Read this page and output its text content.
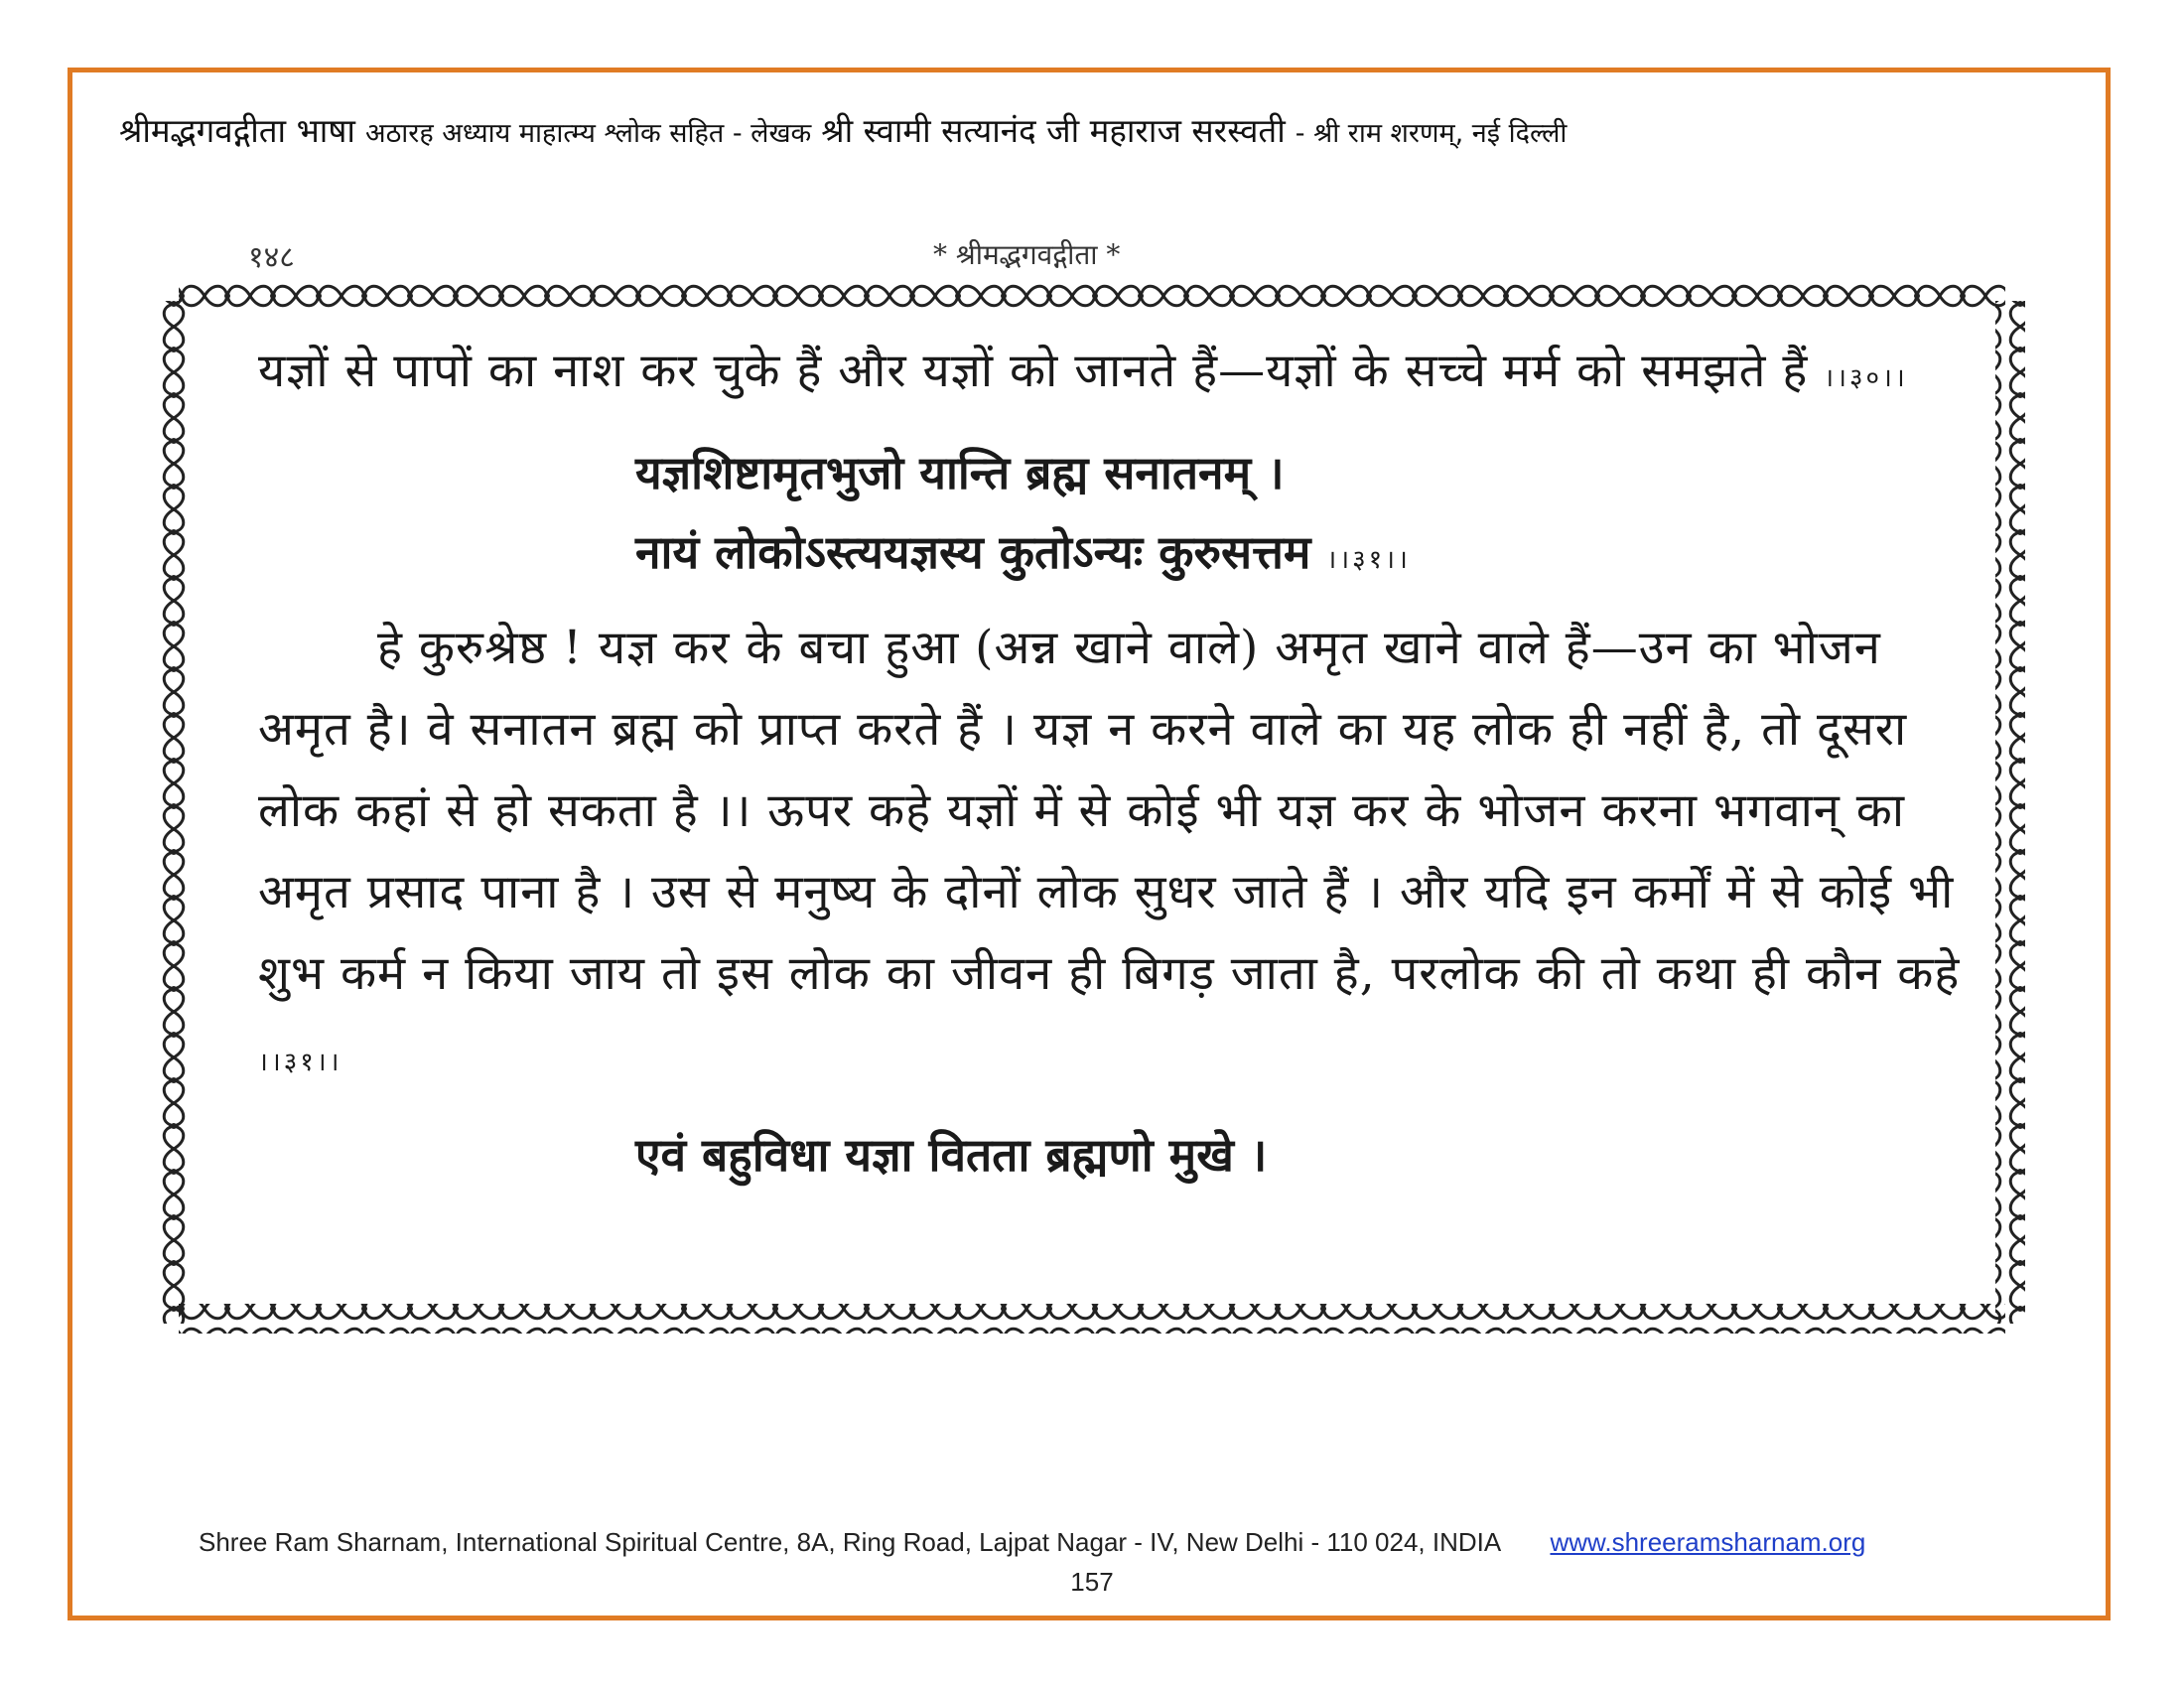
श्रीमद्भगवद्गीता भाषा अठारह अध्याय माहात्म्य श्लोक सहित - लेखक श्री स्वामी सत्यानंद जी महाराज सरस्वती - श्री राम शरणम्, नई दिल्ली
१४८	* श्रीमद्भगवद्गीता *

यज्ञों से पापों का नाश कर चुके हैं और यज्ञों को जानते हैं—यज्ञों के सच्चे मर्म को समझते हैं ।।३०।।

यज्ञशिष्टामृतभुजो यान्ति ब्रह्म सनातनम् ।

नायं लोकोऽस्त्ययज्ञस्य कुतोऽन्यः कुरुसत्तम ।।३१।।

हे कुरुश्रेष्ठ ! यज्ञ कर के बचा हुआ (अन्न खाने वाले) अमृत खाने वाले हैं—उन का भोजन अमृत है। वे सनातन ब्रह्म को प्राप्त करते हैं । यज्ञ न करने वाले का यह लोक ही नहीं है, तो दूसरा लोक कहां से हो सकता है ।। ऊपर कहे यज्ञों में से कोई भी यज्ञ कर के भोजन करना भगवान् का अमृत प्रसाद पाना है । उस से मनुष्य के दोनों लोक सुधर जाते हैं । और यदि इन कर्मों में से कोई भी शुभ कर्म न किया जाय तो इस लोक का जीवन ही बिगड़ जाता है, परलोक की तो कथा ही कौन कहे ।।३१।।

एवं बहुविधा यज्ञा वितता ब्रह्मणो मुखे ।

Shree Ram Sharnam, International Spiritual Centre, 8A, Ring Road, Lajpat Nagar - IV, New Delhi - 110 024, INDIA www.shreeramsharnam.org
157
